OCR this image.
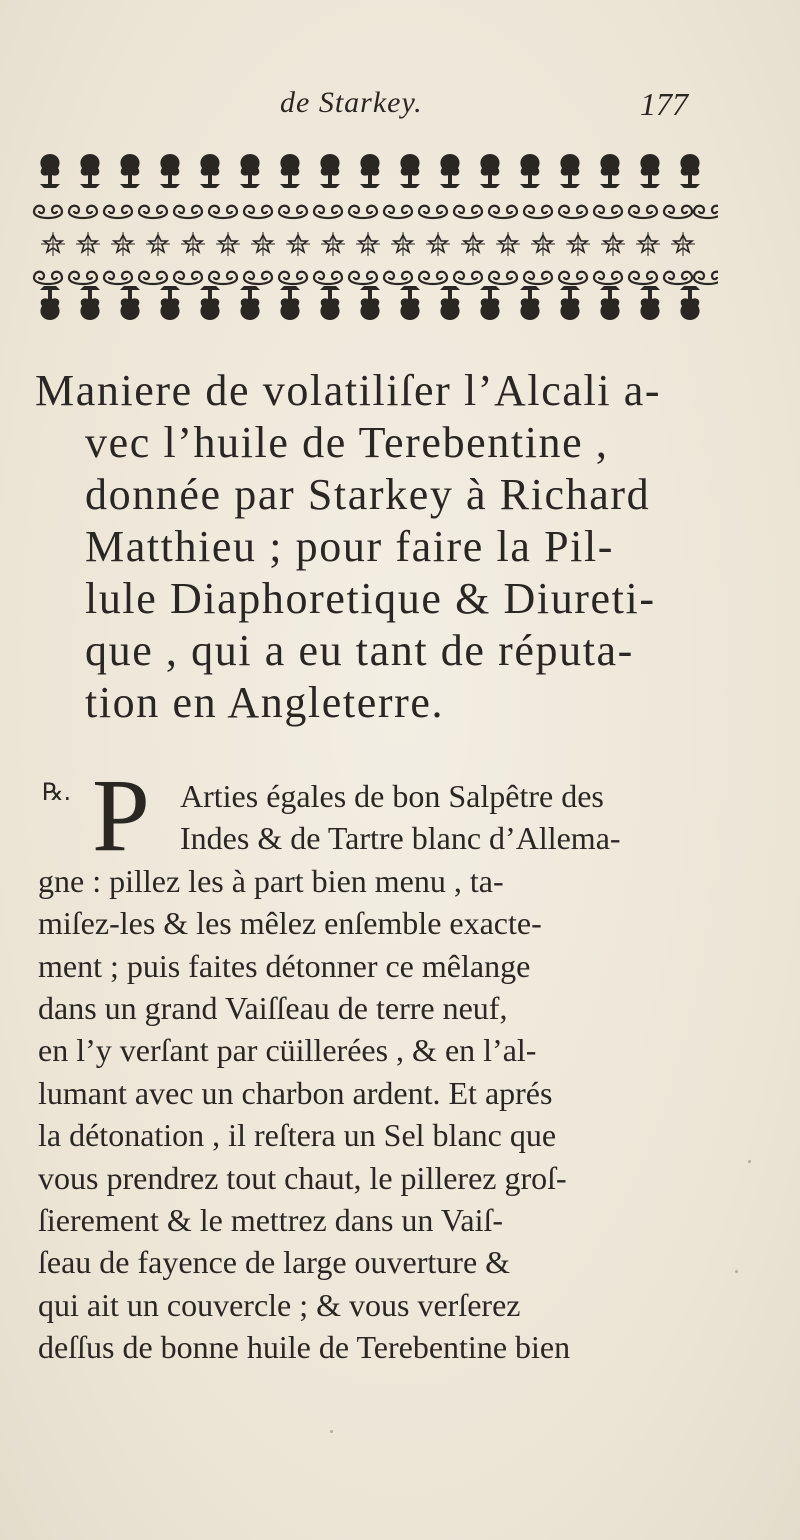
de Starkey.	177
Maniere de volatiliſer l’Alcali a-
vec l’huile de Terebentine ,
donnée par Starkey à Richard
Matthieu ; pour faire la Pil-
lule Diaphoretique & Diureti-
que , qui a eu tant de réputa-
tion en Angleterre.
℞. P Arties égales de bon Salpêtre des
Indes & de Tartre blanc d’Allema-
gne : pillez les à part bien menu , ta-
miſez-les & les mêlez enſemble exacte-
ment ; puis faites détonner ce mêlange
dans un grand Vaiſſeau de terre neuf,
en l’y verſant par cüillerées , & en l’al-
lumant avec un charbon ardent. Et aprés
la détonation , il reſtera un Sel blanc que
vous prendrez tout chaut, le pillerez groſ-
ſierement & le mettrez dans un Vaiſ-
ſeau de fayence de large ouverture &
qui ait un couvercle ; & vous verſerez
deſſus de bonne huile de Terebentine bien
